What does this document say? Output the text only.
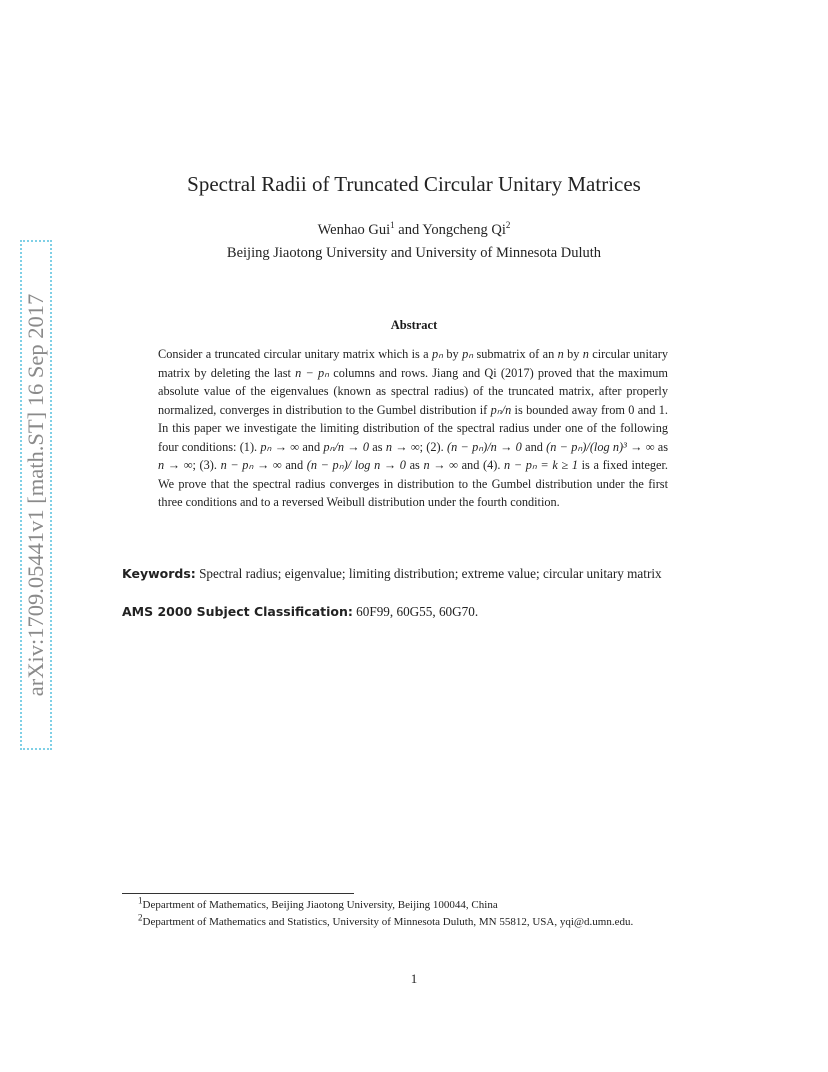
arXiv:1709.05441v1 [math.ST] 16 Sep 2017
Spectral Radii of Truncated Circular Unitary Matrices
Wenhao Gui$^1$ and Yongcheng Qi$^2$
Beijing Jiaotong University and University of Minnesota Duluth
Abstract
Consider a truncated circular unitary matrix which is a pₙ by pₙ submatrix of an n by n circular unitary matrix by deleting the last n − pₙ columns and rows. Jiang and Qi (2017) proved that the maximum absolute value of the eigenvalues (known as spectral radius) of the truncated matrix, after properly normalized, converges in distribution to the Gumbel distribution if pₙ/n is bounded away from 0 and 1. In this paper we investigate the limiting distribution of the spectral radius under one of the following four conditions: (1). pₙ → ∞ and pₙ/n → 0 as n → ∞; (2). (n − pₙ)/n → 0 and (n − pₙ)/(log n)³ → ∞ as n → ∞; (3). n − pₙ → ∞ and (n − pₙ)/ log n → 0 as n → ∞ and (4). n − pₙ = k ≥ 1 is a fixed integer. We prove that the spectral radius converges in distribution to the Gumbel distribution under the first three conditions and to a reversed Weibull distribution under the fourth condition.
Keywords: Spectral radius; eigenvalue; limiting distribution; extreme value; circular unitary matrix
AMS 2000 Subject Classification: 60F99, 60G55, 60G70.
$^1$Department of Mathematics, Beijing Jiaotong University, Beijing 100044, China
$^2$Department of Mathematics and Statistics, University of Minnesota Duluth, MN 55812, USA, yqi@d.umn.edu.
1
